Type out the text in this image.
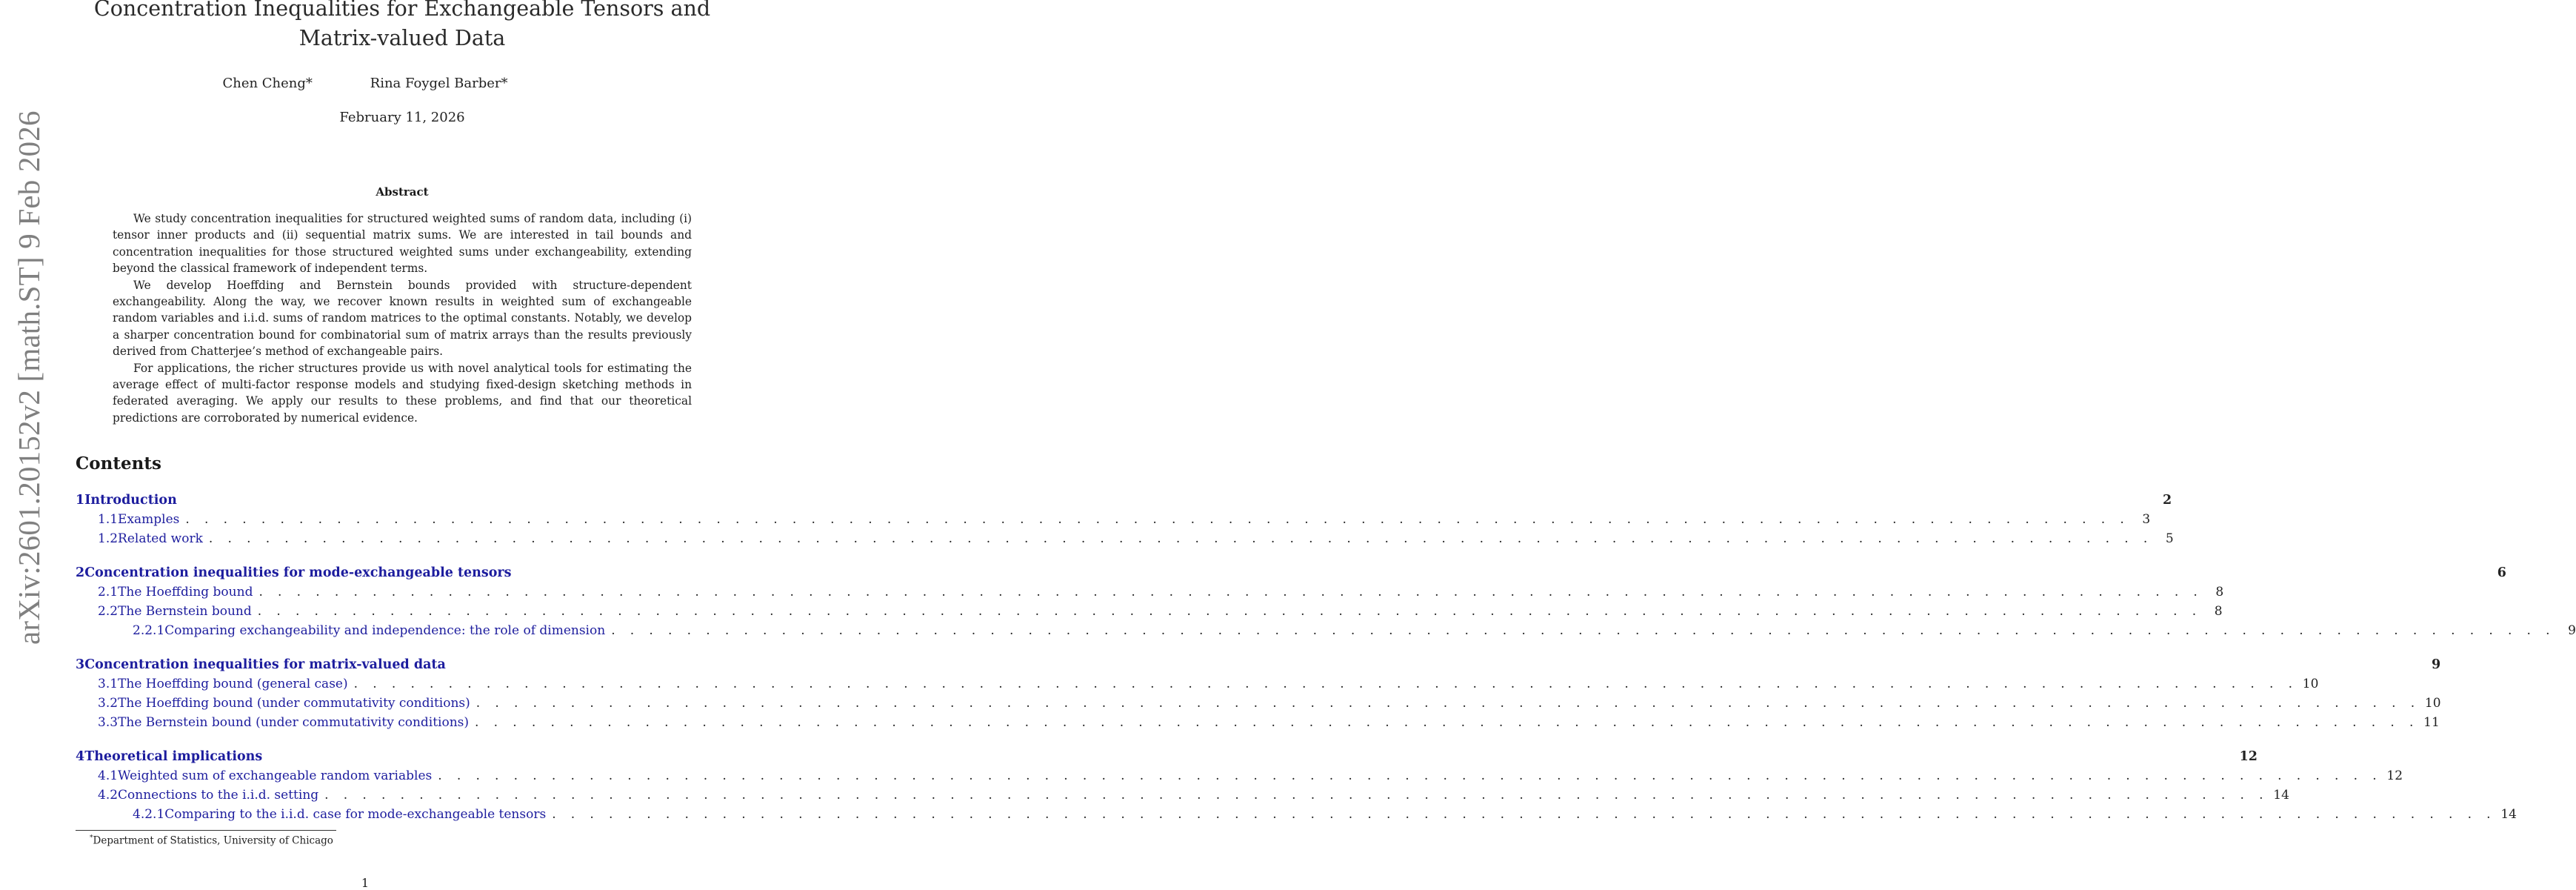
arXiv:2601.20152v2 [math.ST] 9 Feb 2026
Concentration Inequalities for Exchangeable Tensors and
Matrix-valued Data
Chen Cheng*	Rina Foygel Barber*
February 11, 2026
Abstract

We study concentration inequalities for structured weighted sums of random data, including (i) tensor inner products and (ii) sequential matrix sums. We are interested in tail bounds and concentration inequalities for those structured weighted sums under exchangeability, extending beyond the classical framework of independent terms.

We develop Hoeffding and Bernstein bounds provided with structure-dependent exchangeability. Along the way, we recover known results in weighted sum of exchangeable random variables and i.i.d. sums of random matrices to the optimal constants. Notably, we develop a sharper concentration bound for combinatorial sum of matrix arrays than the results previously derived from Chatterjee’s method of exchangeable pairs.

For applications, the richer structures provide us with novel analytical tools for estimating the average effect of multi-factor response models and studying fixed-design sketching methods in federated averaging. We apply our results to these problems, and find that our theoretical predictions are corroborated by numerical evidence.

Contents
1 Introduction	2
1.1 Examples . . . . . . . . . . . . . . . . . . . . . . . . . . . . . . . . . . . . . . . . . . . . . . . . . . . . . . . . . . . . . . . . . . . . . . . . . . . . . . . . . . . . . . . . . . . . . . . . . . . . . . .	3
1.2 Related work . . . . . . . . . . . . . . . . . . . . . . . . . . . . . . . . . . . . . . . . . . . . . . . . . . . . . . . . . . . . . . . . . . . . . . . . . . . . . . . . . . . . . . . . . . . . . . . . . . . . . . .	5
2 Concentration inequalities for mode-exchangeable tensors	6
2.1 The Hoeffding bound . . . . . . . . . . . . . . . . . . . . . . . . . . . . . . . . . . . . . . . . . . . . . . . . . . . . . . . . . . . . . . . . . . . . . . . . . . . . . . . . . . . . . . . . . . . . . . . . . . . . . . .	8
2.2 The Bernstein bound . . . . . . . . . . . . . . . . . . . . . . . . . . . . . . . . . . . . . . . . . . . . . . . . . . . . . . . . . . . . . . . . . . . . . . . . . . . . . . . . . . . . . . . . . . . . . . . . . . . . . . .	8
2.2.1 Comparing exchangeability and independence: the role of dimension . . . . . . . . . . . . . . . . . . . . . . . . . . . . . . . . . . . . . . . . . . . . . . . . . . . . . . . . . . . . . . . . . . . . . . . . . . . . . . . . . . . . . . . . . . . . . . . . . . . . . . .	9
3 Concentration inequalities for matrix-valued data	9
3.1 The Hoeffding bound (general case) . . . . . . . . . . . . . . . . . . . . . . . . . . . . . . . . . . . . . . . . . . . . . . . . . . . . . . . . . . . . . . . . . . . . . . . . . . . . . . . . . . . . . . . . . . . . . . . . . . . . . . . 10
3.2 The Hoeffding bound (under commutativity conditions) . . . . . . . . . . . . . . . . . . . . . . . . . . . . . . . . . . . . . . . . . . . . . . . . . . . . . . . . . . . . . . . . . . . . . . . . . . . . . . . . . . . . . . . . . . . . . . . . . . . . . . . 10
3.3 The Bernstein bound (under commutativity conditions) . . . . . . . . . . . . . . . . . . . . . . . . . . . . . . . . . . . . . . . . . . . . . . . . . . . . . . . . . . . . . . . . . . . . . . . . . . . . . . . . . . . . . . . . . . . . . . . . . . . . . . . 11
4 Theoretical implications	12
4.1 Weighted sum of exchangeable random variables . . . . . . . . . . . . . . . . . . . . . . . . . . . . . . . . . . . . . . . . . . . . . . . . . . . . . . . . . . . . . . . . . . . . . . . . . . . . . . . . . . . . . . . . . . . . . . . . . . . . . . . 12
4.2 Connections to the i.i.d. setting . . . . . . . . . . . . . . . . . . . . . . . . . . . . . . . . . . . . . . . . . . . . . . . . . . . . . . . . . . . . . . . . . . . . . . . . . . . . . . . . . . . . . . . . . . . . . . . . . . . . . . . 14
4.2.1 Comparing to the i.i.d. case for mode-exchangeable tensors . . . . . . . . . . . . . . . . . . . . . . . . . . . . . . . . . . . . . . . . . . . . . . . . . . . . . . . . . . . . . . . . . . . . . . . . . . . . . . . . . . . . . . . . . . . . . . . . . . . . . . . 14
*Department of Statistics, University of Chicago
1
